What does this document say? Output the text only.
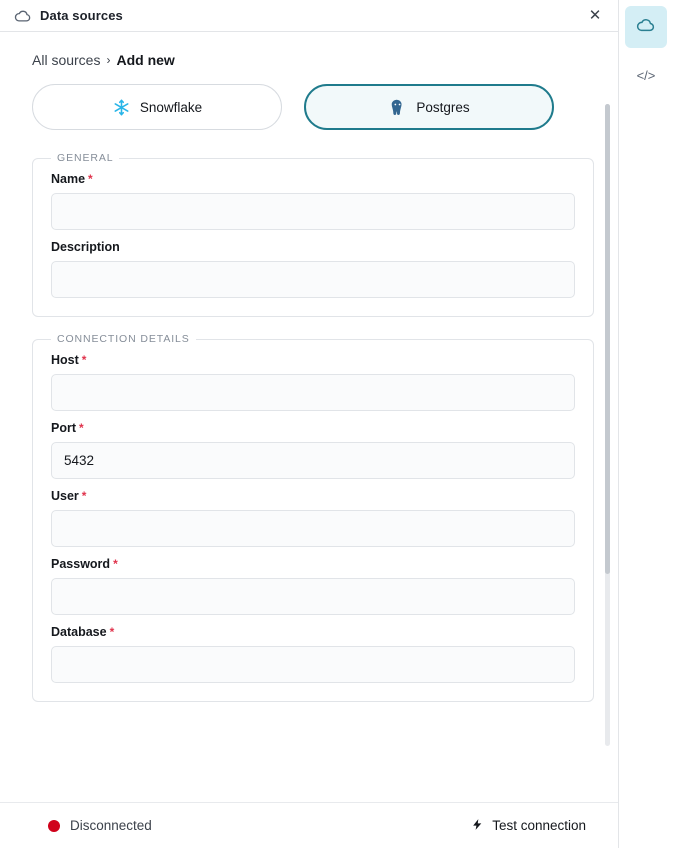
Data sources	✕
All sources › Add new
Snowflake	Postgres
GENERAL
Name *
Description
CONNECTION DETAILS
Host *
Port *
5432
User *
Password *
Database *
Disconnected	Test connection
</>
